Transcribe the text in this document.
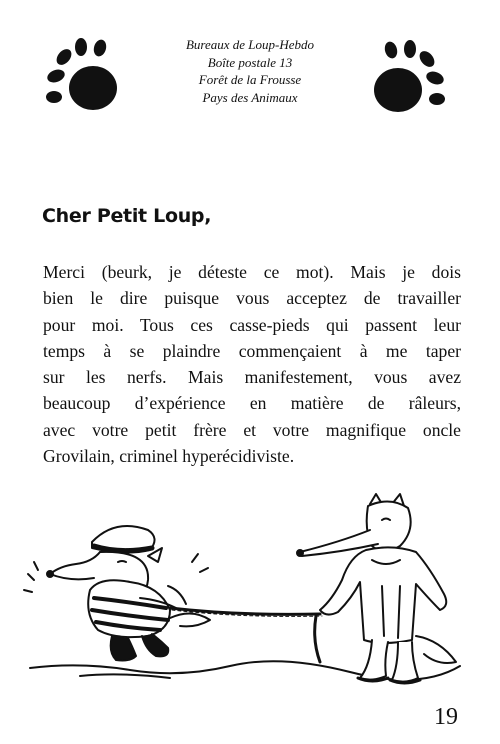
Bureaux de Loup-Hebdo
Boîte postale 13
Forêt de la Frousse
Pays des Animaux
Cher Petit Loup,
Merci (beurk, je déteste ce mot). Mais je dois
bien le dire puisque vous acceptez de travailler
pour moi. Tous ces casse-pieds qui passent leur
temps à se plaindre commençaient à me taper
sur les nerfs. Mais manifestement, vous avez
beaucoup d’expérience en matière de râleurs,
avec votre petit frère et votre magnifique oncle
Grovilain, criminel hyperécidiviste.
19
